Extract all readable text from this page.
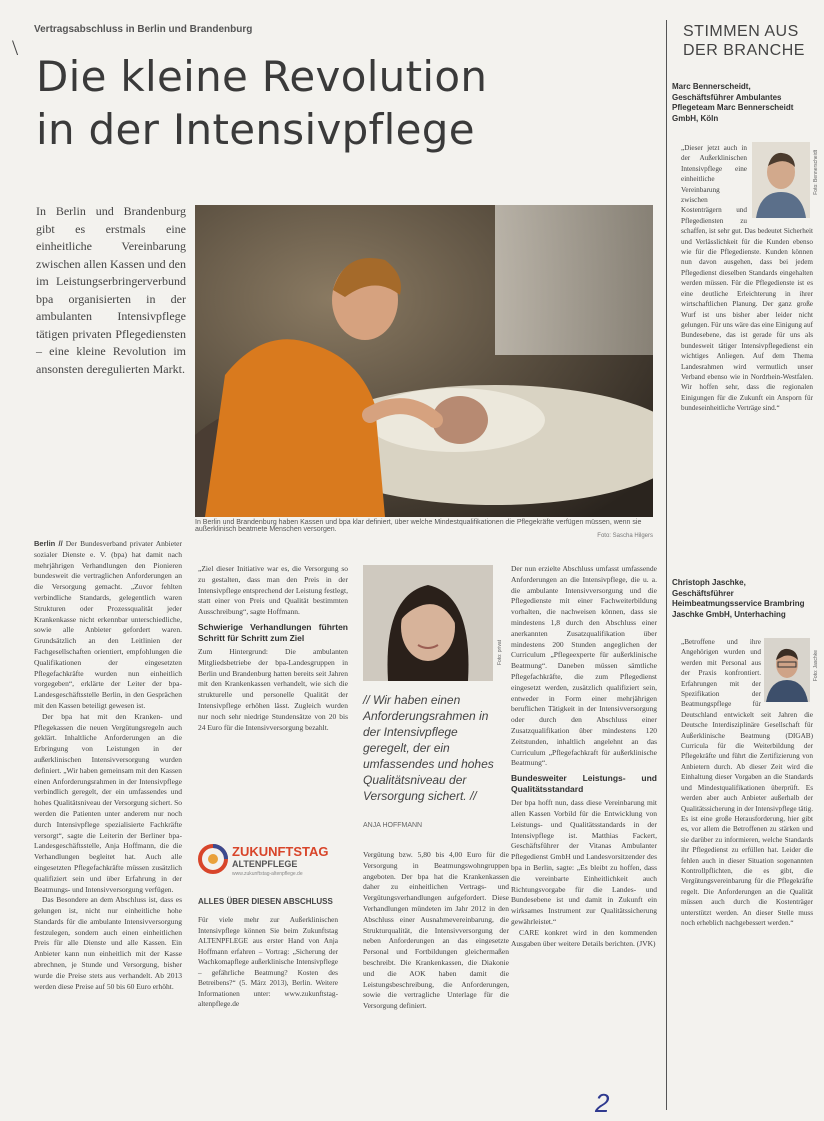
\
Vertragsabschluss in Berlin und Brandenburg
Die kleine Revolution
in der Intensivpflege
In Berlin und Brandenburg gibt es erstmals eine einheitliche Vereinbarung zwischen allen Kassen und den im Leistungserbringerverbund bpa organisierten in der ambulanten Intensivpflege tätigen privaten Pflegediensten – eine kleine Revolution im ansonsten deregulierten Markt.
In Berlin und Brandenburg haben Kassen und bpa klar definiert, über welche Mindestqualifikationen die Pflegekräfte verfügen müssen, wenn sie außerklinisch beatmete Menschen versorgen.
Foto: Sascha Hilgers

Berlin // Der Bundesverband privater Anbieter sozialer Dienste e. V. (bpa) hat damit nach mehrjährigen Verhandlungen den Pionieren bundesweit die vertraglichen Anforderungen an die Versorgung gemacht. „Zuvor fehlten verbindliche Standards, gelegentlich waren Strukturen oder Prozessqualität jeder Krankenkasse nicht erkennbar unterschiedliche, sowie alle Anbieter gefordert waren. Grundsätzlich an den Leitlinien der Fachgesellschaften orientiert, empfohlungen die Qualifikationen der eingesetzten Pflegefachkräfte wurden nun einheitlich vorgegeben“, erklärte der Leiter der bpa-Landesgeschäftsstelle Berlin, in den Gesprächen mit den Kassen beteiligt gewesen ist.

Der bpa hat mit den Kranken- und Pflegekassen die neuen Vergütungsregeln auch geklärt. Inhaltliche Anforderungen an die Erbringung von Leistungen in der außerklinischen Intensivversorgung wurden definiert. „Wir haben gemeinsam mit den Kassen einen Anforderungsrahmen in der Intensivpflege verbindlich geregelt, der ein umfassendes und hohes Qualitätsniveau der Versorgung sichert. So werden die Patienten unter anderem nur noch durch Intensivpflege spezialisierte Fachkräfte versorgt“, sagte die Leiterin der Berliner bpa-Landesgeschäftsstelle, Anja Hoffmann, die die Verhandlungen begleitet hat. Auch alle eingesetzten Pflegefachkräfte müssen zusätzlich qualifiziert sein und über Erfahrung in der Beatmungs- und Intensivversorgung verfügen.

Das Besondere an dem Abschluss ist, dass es gelungen ist, nicht nur einheitliche hohe Standards für die ambulante Intensivversorgung festzulegen, sondern auch einen einheitlichen Preis für alle Dienste und alle Kassen. Ein Anbieter kann nun einheitlich mit der Kasse abrechnen, je Stunde und Versorgung, bisher wurde die Preise stets aus verhandelt. Ab 2013 werden diese Preise auf 50 bis 60 Euro erhöht.

„Ziel dieser Initiative war es, die Versorgung so zu gestalten, dass man den Preis in der Intensivpflege entsprechend der Leistung festlegt, statt einer von Preis und Qualität bestimmten Ausschreibung“, sagte Hoffmann.

Schwierige Verhandlungen führten Schritt für Schritt zum Ziel

Zum Hintergrund: Die ambulanten Mitgliedsbetriebe der bpa-Landesgruppen in Berlin und Brandenburg hatten bereits seit Jahren mit den Krankenkassen verhandelt, wie sich die strukturelle und personelle Qualität der Intensivpflege erhöhen lässt. Zugleich wurden nur noch sehr niedrige Stundensätze von 20 bis 24 Euro für die Intensivversorgung bezahlt.

ZUKUNFTSTAG
ALTENPFLEGE
www.zukunftstag-altenpflege.de
ALLES ÜBER DIESEN ABSCHLUSS

Für viele mehr zur Außerklinischen Intensivpflege können Sie beim Zukunftstag ALTENPFLEGE aus erster Hand von Anja Hoffmann erfahren – Vortrag: „Sicherung der Wachkomapflege außerklinische Intensivpflege – gefährliche Beatmung? Kosten des Betreibens?“ (5. März 2013), Berlin. Weitere Informationen unter: www.zukunftstag-altenpflege.de

Foto: privat
// Wir haben einen Anforderungsrahmen in der Intensivpflege geregelt, der ein umfassendes und hohes Qualitätsniveau der Versorgung sichert. //
ANJA HOFFMANN

Vergütung bzw. 5,80 bis 4,00 Euro für die Versorgung in Beatmungswohngruppen angeboten. Der bpa hat die Krankenkassen daher zu einheitlichen Vertrags- und Vergütungsverhandlungen aufgefordert. Diese Verhandlungen mündeten im Jahr 2012 in den Abschluss einer Ausnahmevereinbarung, die Strukturqualität, die Intensivversorgung der neben Anforderungen an das eingesetzte Personal und Fortbildungen gleichermaßen beschreibt. Die Krankenkassen, die Diakonie und die AOK haben damit die Leistungsbeschreibung, die Anforderungen, sowie die vertragliche Unterlage für die Versorgung definiert.

Der nun erzielte Abschluss umfasst umfassende Anforderungen an die Intensivpflege, die u. a. die ambulante Intensivversorgung und die Pflegedienste mit einer Fachweiterbildung vorhalten, die nachweisen können, dass sie mindestens 1,8 durch den Abschluss einer anerkannten Zusatzqualifikation über mindestens 200 Stunden angeglichen der Curriculum „Pflegeexperte für außerklinische Beatmung“. Daneben müssen sämtliche Pflegefachkräfte, die zum Pflegedienst eingesetzt werden, zusätzlich qualifiziert sein, entweder in Form einer mehrjährigen beruflichen Tätigkeit in der Intensivversorgung oder durch den Abschluss einer Zusatzqualifikation über mindestens 120 Zeitstunden, inhaltlich angelehnt an das Curriculum „Pflegefachkraft für außerklinische Beatmung“.

Bundesweiter Leistungs- und Qualitätsstandard

Der bpa hofft nun, dass diese Vereinbarung mit allen Kassen Vorbild für die Entwicklung von Leistungs- und Qualitätsstandards in der Intensivpflege ist. Matthias Fackert, Geschäftsführer der Vitanas Ambulanter Pflegedienst GmbH und Landesvorsitzender des bpa in Berlin, sagte: „Es bleibt zu hoffen, dass die vereinbarte Einheitlichkeit auch Richtungsvorgabe für die Landes- und Bundesebene ist und damit in Zukunft ein wirksames Instrument zur Qualitätssicherung gewährleistet.“

CARE konkret wird in den kommenden Ausgaben über weitere Details berichten. (JVK)

STIMMEN AUS
DER BRANCHE
Marc Bennerscheidt,
Geschäftsführer Ambulantes Pflegeteam Marc Bennerscheidt GmbH, Köln
Foto: Bennerscheidt

„Dieser jetzt auch in der Außerklinischen Intensivpflege eine einheitliche Vereinbarung zwischen Kostenträgern und Pflegediensten zu schaffen, ist sehr gut. Das bedeutet Sicherheit und Verlässlichkeit für die Kunden ebenso wie für die Pflegedienste. Kunden können nun davon ausgehen, dass bei jedem Pflegedienst dieselben Standards eingehalten werden müssen. Für die Pflegedienste ist es eine deutliche Erleichterung in ihrer wirtschaftlichen Planung. Der ganz große Wurf ist uns bisher aber leider nicht gelungen. Für uns wäre das eine Einigung auf Bundesebene, das ist gerade für uns als bundesweit tätiger Intensivpflegedienst ein wichtiges Anliegen. Auf dem Thema Landesrahmen wird vermutlich unser Verband ebenso wie in Nordrhein-Westfalen. Wir hoffen sehr, dass die regionalen Einigungen für die Zukunft ein Ansporn für bundeseinheitliche Verträge sind.“

Christoph Jaschke,
Geschäftsführer Heimbeatmungsservice Brambring Jaschke GmbH, Unterhaching
Foto: Jaschke

„Betroffene und ihre Angehörigen wurden und werden mit Personal aus der Praxis konfrontiert. Erfahrungen mit der Spezifikation der Beatmungspflege für Deutschland entwickelt seit Jahren die Deutsche Interdisziplinäre Gesellschaft für Außerklinische Beatmung (DIGAB) Curricula für die Weiterbildung der Pflegekräfte und führt die Zertifizierung von Anbietern durch. Ab dieser Zeit wird die Einhaltung dieser Vorgaben an die Standards und Mindestqualifikationen überprüft. Es werden aber auch Anbieter außerhalb der Qualitätssicherung in der Intensivpflege tätig. Es ist eine große Herausforderung, hier gibt es, vor allem die Betroffenen zu stärken und sie darüber zu informieren, welche Standards ihr Pflegedienst zu erfüllen hat. Leider die fehlen auch in dieser Situation sogenannten Kontrollpflichten, die es gibt, die Vergütungsvereinbarung für die Pflegekräfte regelt. Die Anforderungen an die Qualität müssen auch durch die Kostenträger unterstützt werden. An dieser Stelle muss noch erheblich nachgebessert werden.“

2
